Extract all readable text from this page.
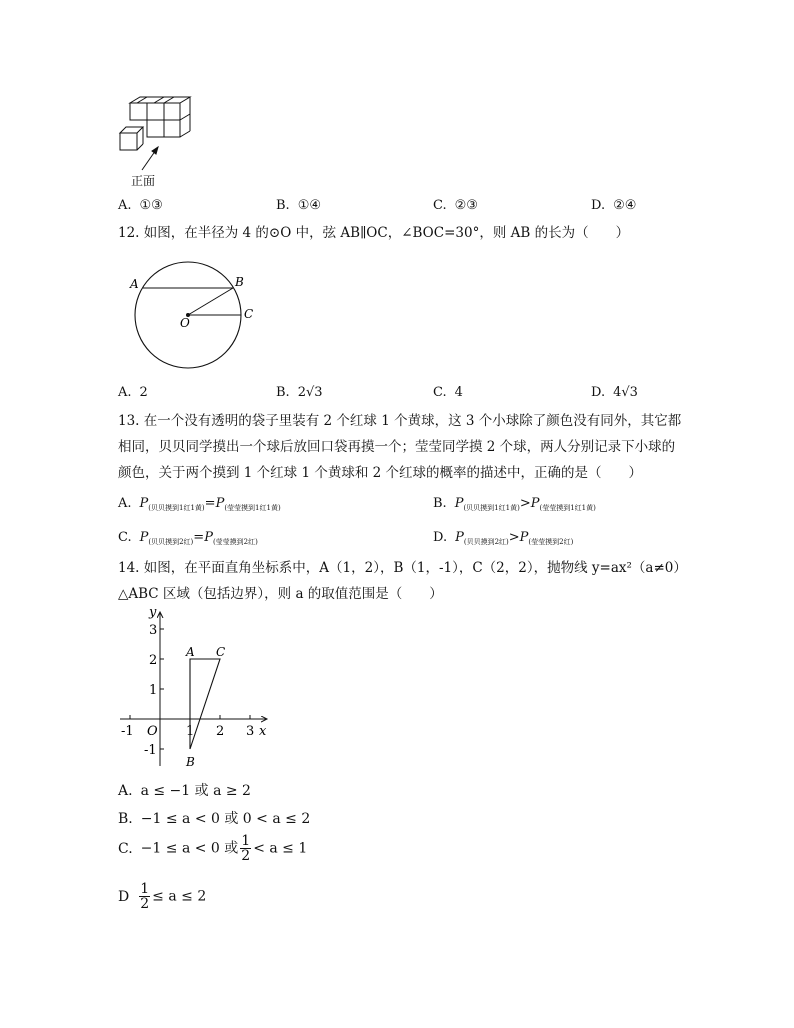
正面
A. ①③	B. ①④	C. ②③	D. ②④
12. 如图，在半径为 4 的⊙O 中，弦 AB∥OC，∠BOC=30°，则 AB 的长为（　　）
A	B
C
O
A. 2	B. 2√3	C. 4	D. 4√3
13. 在一个没有透明的袋子里装有 2 个红球 1 个黄球，这 3 个小球除了颜色没有同外，其它都
相同，贝贝同学摸出一个球后放回口袋再摸一个；莹莹同学摸 2 个球，两人分别记录下小球的
颜色，关于两个摸到 1 个红球 1 个黄球和 2 个红球的概率的描述中，正确的是（　　）
A. $P_{(贝贝摸到1红1黄)}=P_{(莹莹摸到1红1黄)}$	B. $P_{(贝贝摸到1红1黄)}>P_{(莹莹摸到1红1黄)}$
C. $P_{(贝贝摸到2红)}=P_{(莹莹摸到2红)}$	D. $P_{(贝贝摸到2红)}>P_{(莹莹摸到2红)}$
14. 如图，在平面直角坐标系中，A（1，2），B（1，-1），C（2，2），抛物线 y=ax²（a≠0）
△ABC 区域（包括边界），则 a 的取值范围是（　　）
y
x
O
-1	1 2 3
3
2
1
-1
A C
B
A. a ≤ −1 或 a ≥ 2
B. −1 ≤ a < 0 或 0 < a ≤ 2
C. −1 ≤ a < 0 或 $\frac{1}{2} < a \le 1$
D $\frac{1}{2} \le a \le 2$
